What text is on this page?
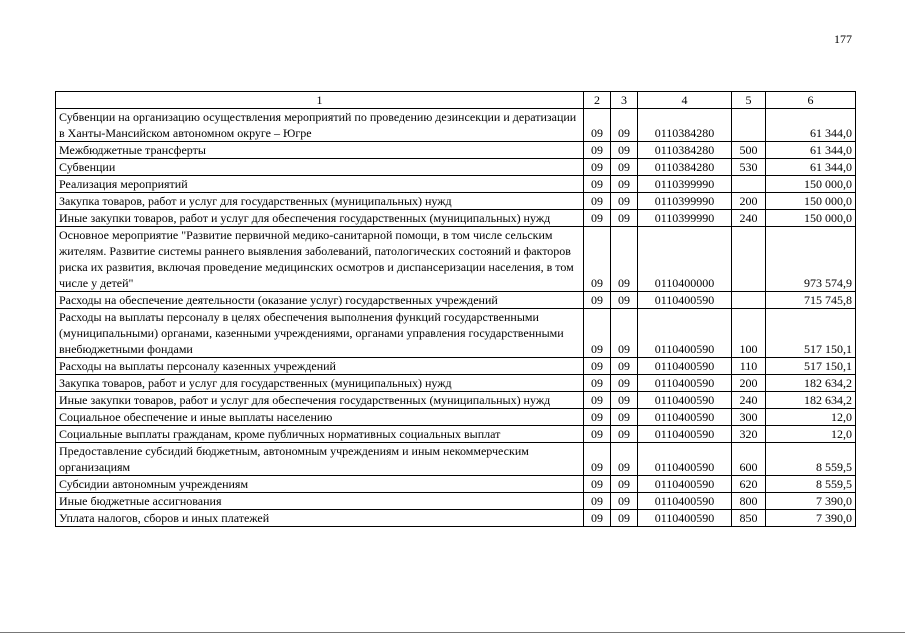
177
1	2	3	4	5	6
Субвенции на организацию осуществления мероприятий по проведению дезинсекции и дератизации в Ханты-Мансийском автономном округе – Югре	09	09	0110384280		61 344,0
Межбюджетные трансферты	09	09	0110384280	500	61 344,0
Субвенции	09	09	0110384280	530	61 344,0
Реализация мероприятий	09	09	0110399990		150 000,0
Закупка товаров, работ и услуг для государственных (муниципальных) нужд	09	09	0110399990	200	150 000,0
Иные закупки товаров, работ и услуг для обеспечения государственных (муниципальных) нужд	09	09	0110399990	240	150 000,0
Основное мероприятие "Развитие первичной медико-санитарной помощи, в том числе сельским жителям. Развитие системы раннего выявления заболеваний, патологических состояний и факторов риска их развития, включая проведение медицинских осмотров и диспансеризации населения, в том числе у детей"	09	09	0110400000		973 574,9
Расходы на обеспечение деятельности (оказание услуг) государственных учреждений	09	09	0110400590		715 745,8
Расходы на выплаты персоналу в целях обеспечения выполнения функций государственными (муниципальными) органами, казенными учреждениями, органами управления государственными внебюджетными фондами	09	09	0110400590	100	517 150,1
Расходы на выплаты персоналу казенных учреждений	09	09	0110400590	110	517 150,1
Закупка товаров, работ и услуг для государственных (муниципальных) нужд	09	09	0110400590	200	182 634,2
Иные закупки товаров, работ и услуг для обеспечения государственных (муниципальных) нужд	09	09	0110400590	240	182 634,2
Социальное обеспечение и иные выплаты населению	09	09	0110400590	300	12,0
Социальные выплаты гражданам, кроме публичных нормативных социальных выплат	09	09	0110400590	320	12,0
Предоставление субсидий бюджетным, автономным учреждениям и иным некоммерческим организациям	09	09	0110400590	600	8 559,5
Субсидии автономным учреждениям	09	09	0110400590	620	8 559,5
Иные бюджетные ассигнования	09	09	0110400590	800	7 390,0
Уплата налогов, сборов и иных платежей	09	09	0110400590	850	7 390,0
